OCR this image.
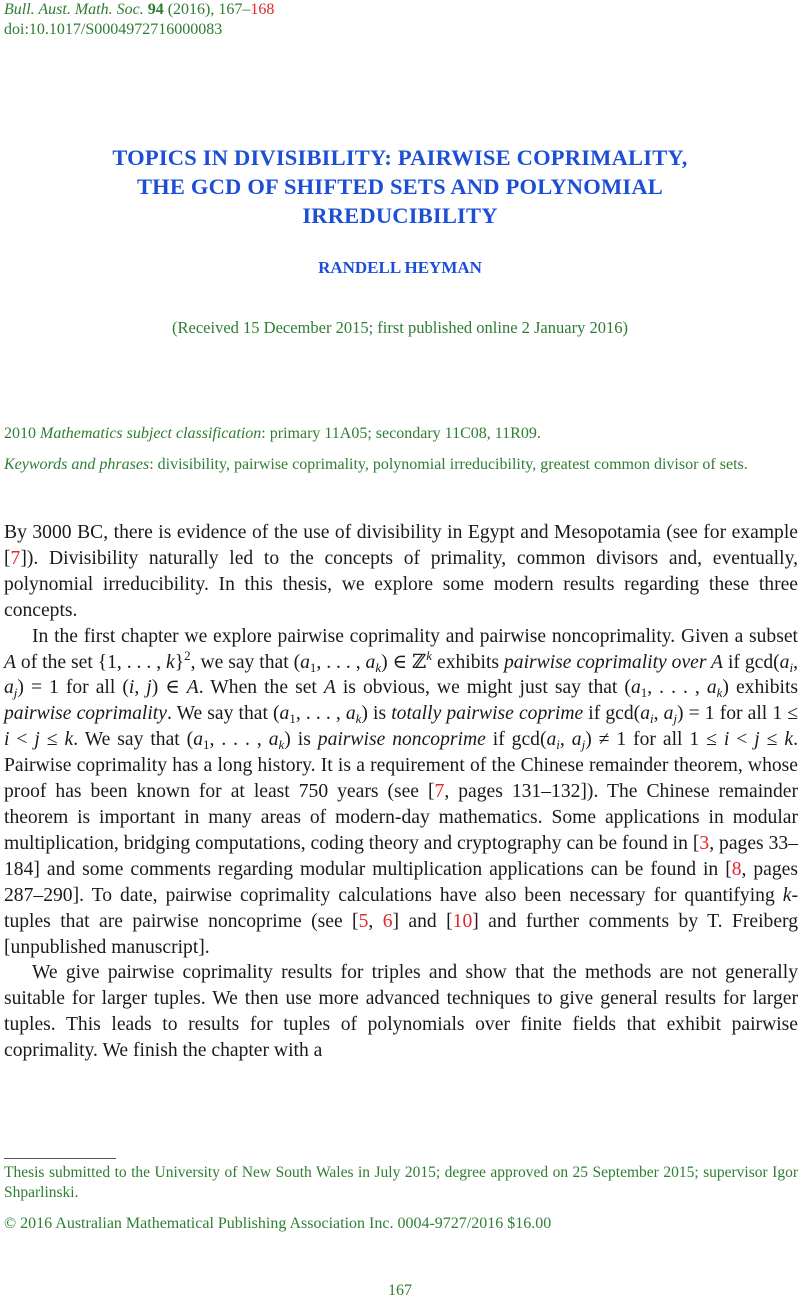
Bull. Aust. Math. Soc. 94 (2016), 167–168
doi:10.1017/S0004972716000083
TOPICS IN DIVISIBILITY: PAIRWISE COPRIMALITY,
THE GCD OF SHIFTED SETS AND POLYNOMIAL
IRREDUCIBILITY
RANDELL HEYMAN
(Received 15 December 2015; first published online 2 January 2016)
2010 Mathematics subject classification: primary 11A05; secondary 11C08, 11R09.
Keywords and phrases: divisibility, pairwise coprimality, polynomial irreducibility, greatest common divisor of sets.

By 3000 BC, there is evidence of the use of divisibility in Egypt and Mesopotamia (see for example [7]). Divisibility naturally led to the concepts of primality, common divisors and, eventually, polynomial irreducibility. In this thesis, we explore some modern results regarding these three concepts.

In the first chapter we explore pairwise coprimality and pairwise noncoprimality. Given a subset A of the set {1, . . . , k}$^2$, we say that ($a_1$, . . . , $a_k$) ∈ ℤ$^k$ exhibits pairwise coprimality over A if $\gcd(a_i$, $a_j) = 1$ for all (i, j) ∈ A. When the set A is obvious, we might just say that ($a_1$, . . . , $a_k$) exhibits pairwise coprimality. We say that ($a_1$, . . . , $a_k$) is totally pairwise coprime if $\gcd(a_i$, $a_j) = 1$ for all 1 ≤ i < j ≤ k. We say that ($a_1$, . . . , $a_k$) is pairwise noncoprime if $\gcd(a_i$, $a_j) \ne 1$ for all 1 ≤ i < j ≤ k. Pairwise coprimality has a long history. It is a requirement of the Chinese remainder theorem, whose proof has been known for at least 750 years (see [7, pages 131–132]). The Chinese remainder theorem is important in many areas of modern-day mathematics. Some applications in modular multiplication, bridging computations, coding theory and cryptography can be found in [3, pages 33–184] and some comments regarding modular multiplication applications can be found in [8, pages 287–290]. To date, pairwise coprimality calculations have also been necessary for quantifying k-tuples that are pairwise noncoprime (see [5, 6] and [10] and further comments by T. Freiberg [unpublished manuscript].

We give pairwise coprimality results for triples and show that the methods are not generally suitable for larger tuples. We then use more advanced techniques to give general results for larger tuples. This leads to results for tuples of polynomials over finite fields that exhibit pairwise coprimality. We finish the chapter with a

Thesis submitted to the University of New South Wales in July 2015; degree approved on 25 September 2015; supervisor Igor Shparlinski.
© 2016 Australian Mathematical Publishing Association Inc. 0004-9727/2016 $16.00
167
